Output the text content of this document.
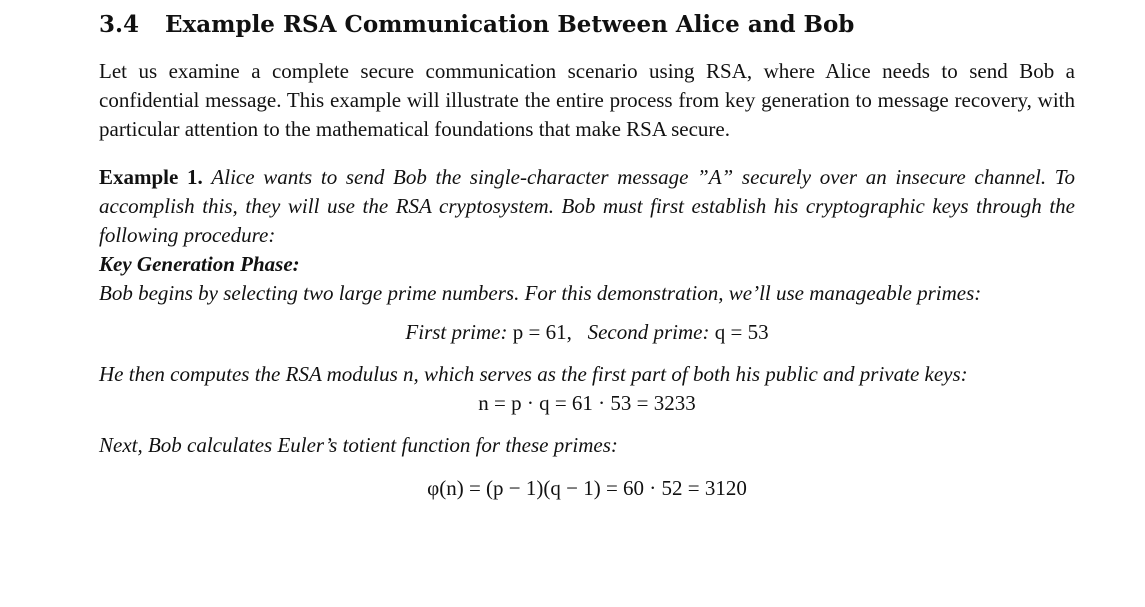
3.4 Example RSA Communication Between Alice and Bob

Let us examine a complete secure communication scenario using RSA, where Alice needs to send Bob a confidential message. This example will illustrate the entire process from key generation to message recovery, with particular attention to the mathematical foundations that make RSA secure.

Example 1. Alice wants to send Bob the single-character message ”A” securely over an insecure channel. To accomplish this, they will use the RSA cryptosystem. Bob must first establish his cryptographic keys through the following procedure:

Key Generation Phase:

Bob begins by selecting two large prime numbers. For this demonstration, we’ll use manageable primes:

First prime: p = 61, Second prime: q = 53

He then computes the RSA modulus n, which serves as the first part of both his public and private keys:

n = p · q = 61 · 53 = 3233

Next, Bob calculates Euler’s totient function for these primes:

φ(n) = (p − 1)(q − 1) = 60 · 52 = 3120
